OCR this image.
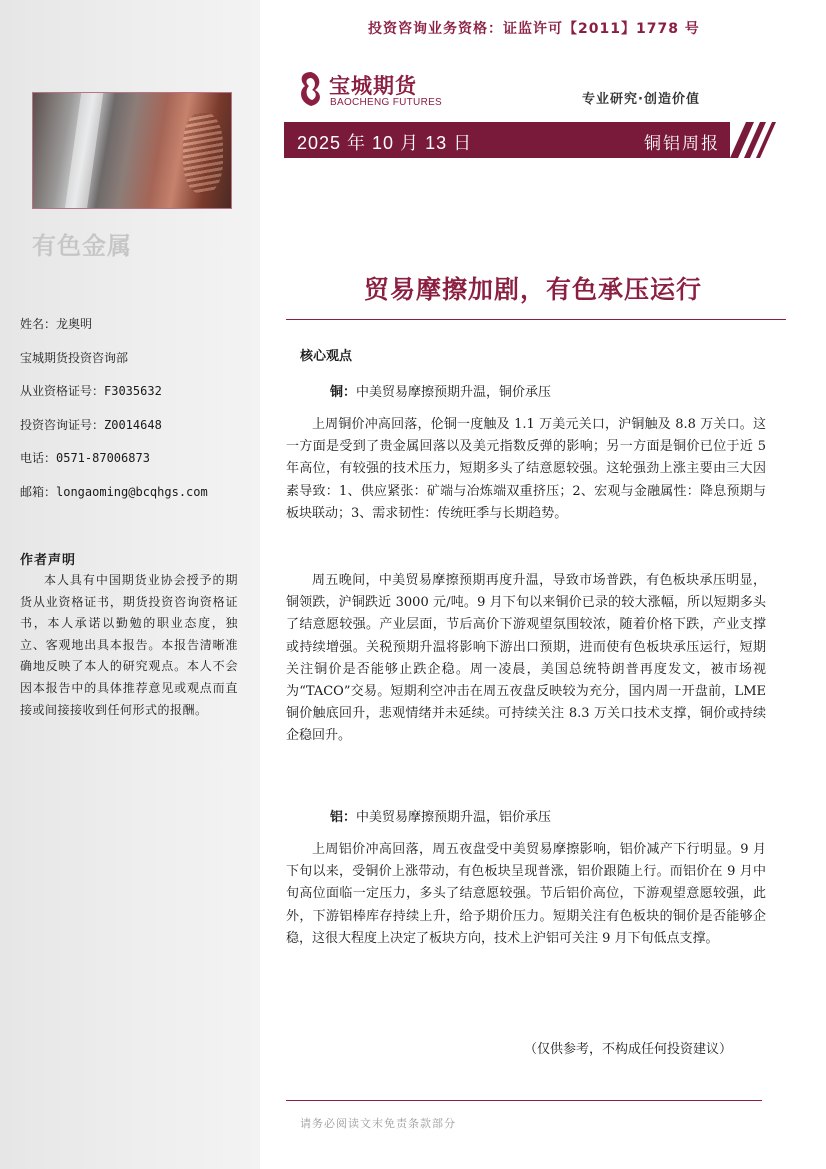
有色金属
姓名：龙奥明
宝城期货投资咨询部
从业资格证号：F3035632
投资咨询证号：Z0014648
电话：0571-87006873
邮箱：longaoming@bcqhgs.com
作者声明
本人具有中国期货业协会授予的期货从业资格证书，期货投资咨询资格证书，本人承诺以勤勉的职业态度，独立、客观地出具本报告。本报告清晰准确地反映了本人的研究观点。本人不会因本报告中的具体推荐意见或观点而直接或间接接收到任何形式的报酬。
投资咨询业务资格：证监许可【2011】1778 号
宝城期货
BAOCHENG FUTURES	专业研究·创造价值
2025 年 10 月 13 日	铜铝周报
贸易摩擦加剧，有色承压运行
核心观点
铜：中美贸易摩擦预期升温，铜价承压
上周铜价冲高回落，伦铜一度触及 1.1 万美元关口，沪铜触及 8.8 万关口。这一方面是受到了贵金属回落以及美元指数反弹的影响；另一方面是铜价已位于近 5 年高位，有较强的技术压力，短期多头了结意愿较强。这轮强劲上涨主要由三大因素导致：1、供应紧张：矿端与冶炼端双重挤压；2、宏观与金融属性：降息预期与板块联动；3、需求韧性：传统旺季与长期趋势。
周五晚间，中美贸易摩擦预期再度升温，导致市场普跌，有色板块承压明显，铜领跌，沪铜跌近 3000 元/吨。9 月下旬以来铜价已录的较大涨幅，所以短期多头了结意愿较强。产业层面，节后高价下游观望氛围较浓，随着价格下跌，产业支撑或持续增强。关税预期升温将影响下游出口预期，进而使有色板块承压运行，短期关注铜价是否能够止跌企稳。周一凌晨，美国总统特朗普再度发文，被市场视为“TACO”交易。短期利空冲击在周五夜盘反映较为充分，国内周一开盘前，LME 铜价触底回升，悲观情绪并未延续。可持续关注 8.3 万关口技术支撑，铜价或持续企稳回升。
铝：中美贸易摩擦预期升温，铝价承压
上周铝价冲高回落，周五夜盘受中美贸易摩擦影响，铝价减产下行明显。9 月下旬以来，受铜价上涨带动，有色板块呈现普涨，铝价跟随上行。而铝价在 9 月中旬高位面临一定压力，多头了结意愿较强。节后铝价高位，下游观望意愿较强，此外，下游铝棒库存持续上升，给予期价压力。短期关注有色板块的铜价是否能够企稳，这很大程度上决定了板块方向，技术上沪铝可关注 9 月下旬低点支撑。
（仅供参考，不构成任何投资建议）
请务必阅读文末免责条款部分
